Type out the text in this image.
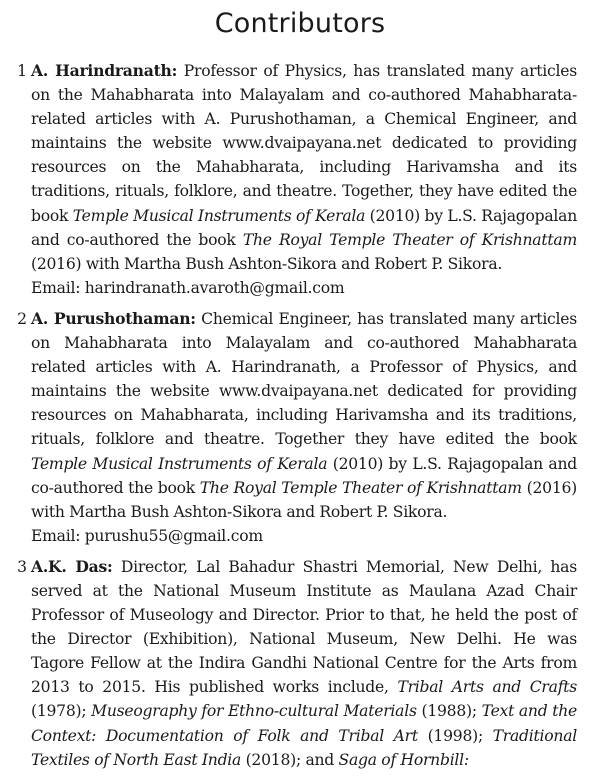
Contributors
1 A. Harindranath: Professor of Physics, has translated many articles on the Mahabharata into Malayalam and co-authored Mahabharata-related articles with A. Purushothaman, a Chemical Engineer, and maintains the website www.dvaipayana.net dedicated to providing resources on the Mahabharata, including Harivamsha and its traditions, rituals, folklore, and theatre. Together, they have edited the book Temple Musical Instruments of Kerala (2010) by L.S. Rajagopalan and co-authored the book The Royal Temple Theater of Krishnattam (2016) with Martha Bush Ashton-Sikora and Robert P. Sikora.
Email: harindranath.avaroth@gmail.com
2 A. Purushothaman: Chemical Engineer, has translated many articles on Mahabharata into Malayalam and co-authored Mahabharata related articles with A. Harindranath, a Professor of Physics, and maintains the website www.dvaipayana.net dedicated for providing resources on Mahabharata, including Harivamsha and its traditions, rituals, folklore and theatre. Together they have edited the book Temple Musical Instruments of Kerala (2010) by L.S. Rajagopalan and co-authored the book The Royal Temple Theater of Krishnattam (2016) with Martha Bush Ashton-Sikora and Robert P. Sikora.
Email: purushu55@gmail.com
3 A.K. Das: Director, Lal Bahadur Shastri Memorial, New Delhi, has served at the National Museum Institute as Maulana Azad Chair Professor of Museology and Director. Prior to that, he held the post of the Director (Exhibition), National Museum, New Delhi. He was Tagore Fellow at the Indira Gandhi National Centre for the Arts from 2013 to 2015. His published works include, Tribal Arts and Crafts (1978); Museography for Ethno-cultural Materials (1988); Text and the Context: Documentation of Folk and Tribal Art (1998); Traditional Textiles of North East India (2018); and Saga of Hornbill:
